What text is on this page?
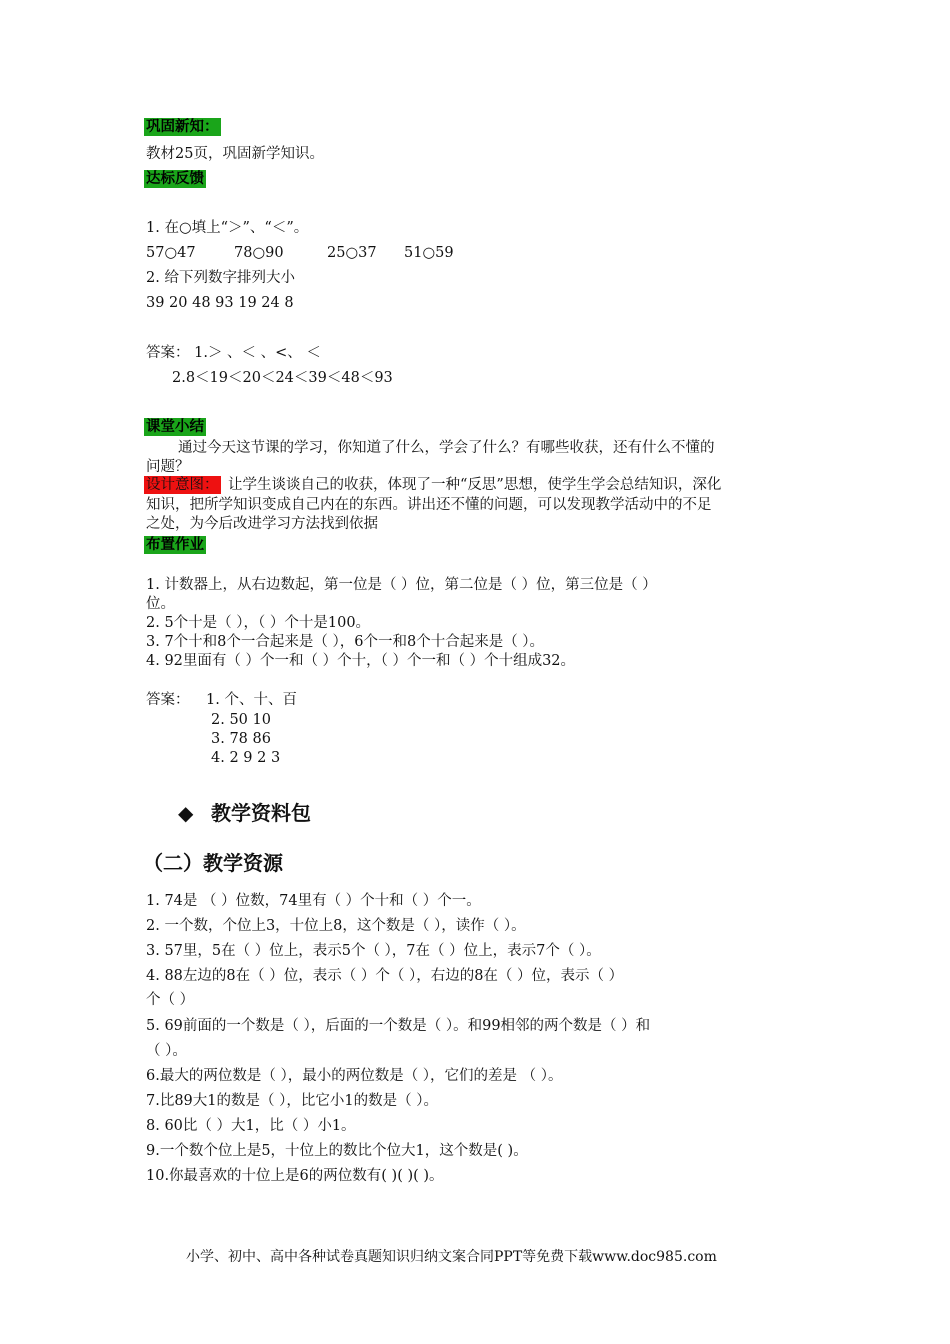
巩固新知：
教材25页，巩固新学知识。
达标反馈
1. 在○填上“＞”、“＜”。
57○47	78○90	25○37 51○59
2. 给下列数字排列大小
39 20 48 93 19 24 8
答案： 1.＞ 、＜ 、<、 ＜
2.8＜19＜20＜24＜39＜48＜93
课堂小结
通过今天这节课的学习，你知道了什么，学会了什么？有哪些收获，还有什么不懂的
问题？
设计意图： 让学生谈谈自己的收获，体现了一种“反思”思想，使学生学会总结知识，深化
知识，把所学知识变成自己内在的东西。讲出还不懂的问题，可以发现教学活动中的不足
之处，为今后改进学习方法找到依据
布置作业
1. 计数器上，从右边数起，第一位是（ ）位，第二位是（ ）位，第三位是（ ）
位。
2. 5个十是（ ），（ ）个十是100。
3. 7个十和8个一合起来是（ ），6个一和8个十合起来是（ ）。
4. 92里面有（ ）个一和（ ）个十，（ ）个一和（ ）个十组成32。
答案： 1. 个、十、百
2. 50 10
3. 78 86
4. 2 9 2 3
◆ 教学资料包
（二）教学资源
1. 74是 （ ）位数，74里有（ ）个十和（ ）个一。
2. 一个数，个位上3，十位上8，这个数是（ ），读作（ ）。
3. 57里，5在（ ）位上，表示5个（ ），7在（ ）位上，表示7个（ ）。
4. 88左边的8在（ ）位，表示（ ）个（ ），右边的8在（ ）位，表示（ ）
个（ ）
5. 69前面的一个数是（ ），后面的一个数是（ ）。和99相邻的两个数是（ ）和
（ ）。
6.最大的两位数是（ ），最小的两位数是（ ），它们的差是 （ ）。
7.比89大1的数是（ ），比它小1的数是（ ）。
8. 60比（ ）大1，比（ ）小1。
9.一个数个位上是5，十位上的数比个位大1，这个数是( )。
10.你最喜欢的十位上是6的两位数有( )( )( )。
小学、初中、高中各种试卷真题知识归纳文案合同PPT等免费下载www.doc985.com
